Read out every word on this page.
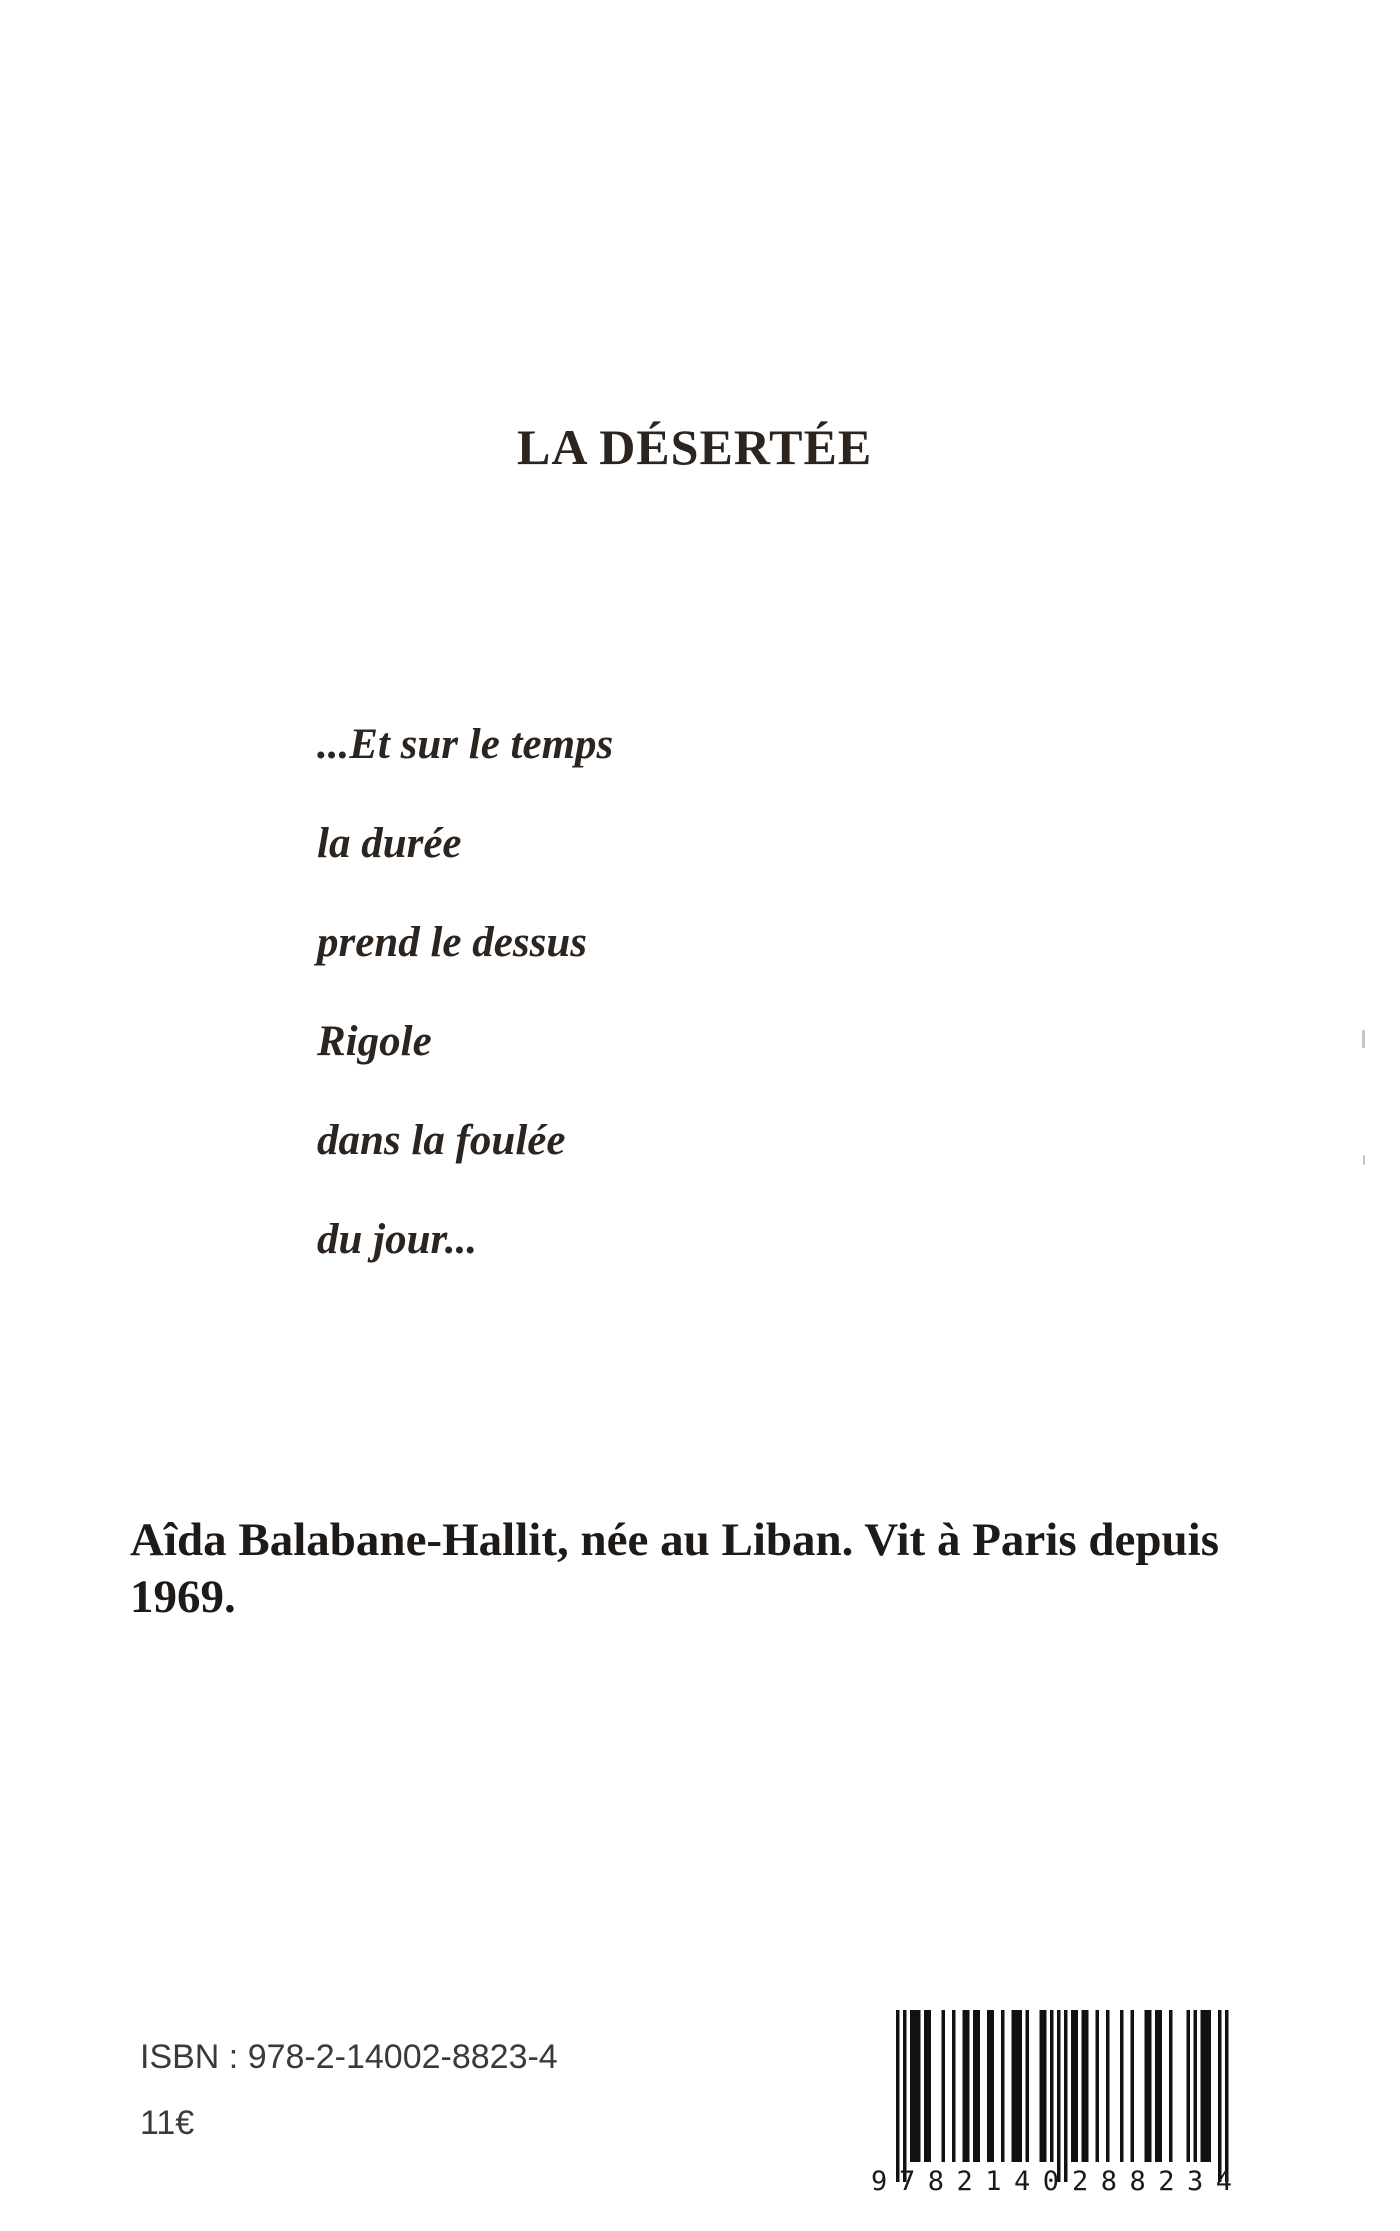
LA DÉSERTÉE
...Et sur le temps
la durée
prend le dessus
Rigole
dans la foulée
du jour...
Aîda Balabane-Hallit, née au Liban. Vit à Paris depuis 1969.
ISBN : 978-2-14002-8823-4
11€
9 782140 288234
